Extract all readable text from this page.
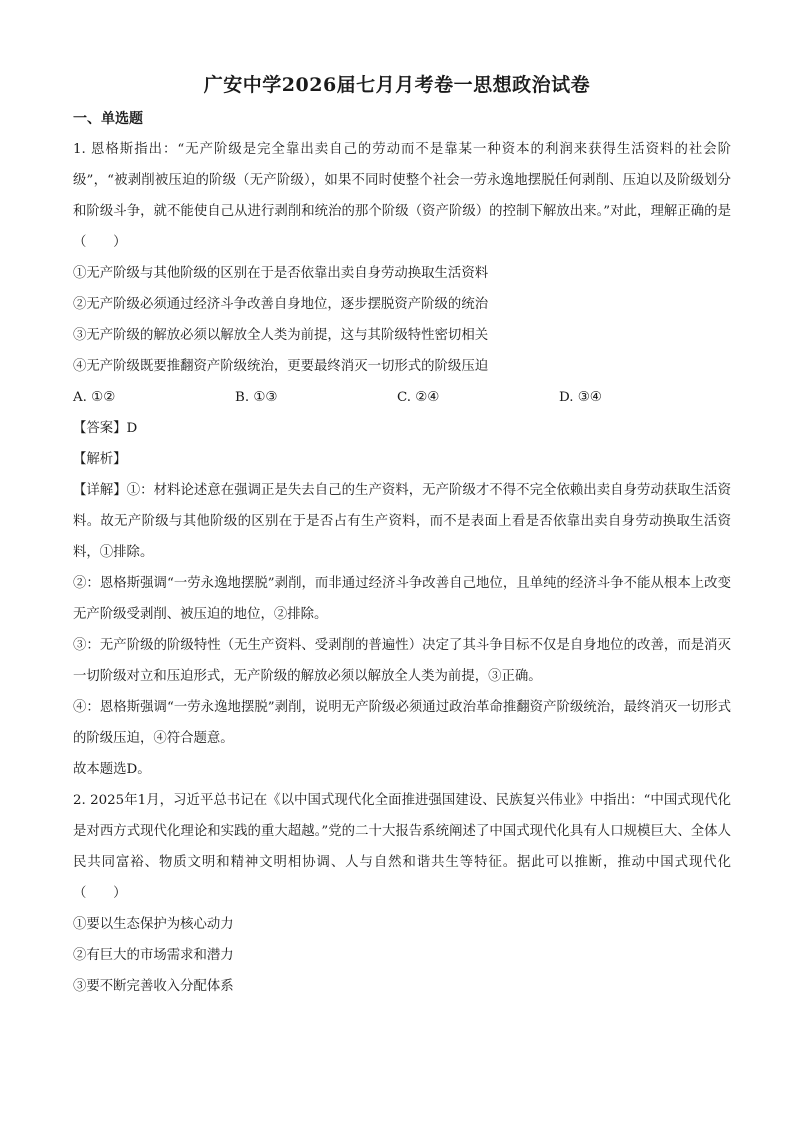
广安中学2026届七月月考卷一思想政治试卷
一、单选题

1. 恩格斯指出：“无产阶级是完全靠出卖自己的劳动而不是靠某一种资本的利润来获得生活资料的社会阶级”，“被剥削被压迫的阶级（无产阶级），如果不同时使整个社会一劳永逸地摆脱任何剥削、压迫以及阶级划分和阶级斗争，就不能使自己从进行剥削和统治的那个阶级（资产阶级）的控制下解放出来。”对此，理解正确的是（　　）

①无产阶级与其他阶级的区别在于是否依靠出卖自身劳动换取生活资料

②无产阶级必须通过经济斗争改善自身地位，逐步摆脱资产阶级的统治

③无产阶级的解放必须以解放全人类为前提，这与其阶级特性密切相关

④无产阶级既要推翻资产阶级统治，更要最终消灭一切形式的阶级压迫

A. ①②	B. ①③	C. ②④	D. ③④

【答案】D

【解析】

【详解】①：材料论述意在强调正是失去自己的生产资料，无产阶级才不得不完全依赖出卖自身劳动获取生活资料。故无产阶级与其他阶级的区别在于是否占有生产资料，而不是表面上看是否依靠出卖自身劳动换取生活资料，①排除。

②：恩格斯强调“一劳永逸地摆脱”剥削，而非通过经济斗争改善自己地位，且单纯的经济斗争不能从根本上改变无产阶级受剥削、被压迫的地位，②排除。

③：无产阶级的阶级特性（无生产资料、受剥削的普遍性）决定了其斗争目标不仅是自身地位的改善，而是消灭一切阶级对立和压迫形式，无产阶级的解放必须以解放全人类为前提，③正确。

④：恩格斯强调“一劳永逸地摆脱”剥削，说明无产阶级必须通过政治革命推翻资产阶级统治，最终消灭一切形式的阶级压迫，④符合题意。

故本题选D。

2. 2025年1月，习近平总书记在《以中国式现代化全面推进强国建设、民族复兴伟业》中指出：“中国式现代化是对西方式现代化理论和实践的重大超越。”党的二十大报告系统阐述了中国式现代化具有人口规模巨大、全体人民共同富裕、物质文明和精神文明相协调、人与自然和谐共生等特征。据此可以推断，推动中国式现代化（　　）

①要以生态保护为核心动力

②有巨大的市场需求和潜力

③要不断完善收入分配体系
